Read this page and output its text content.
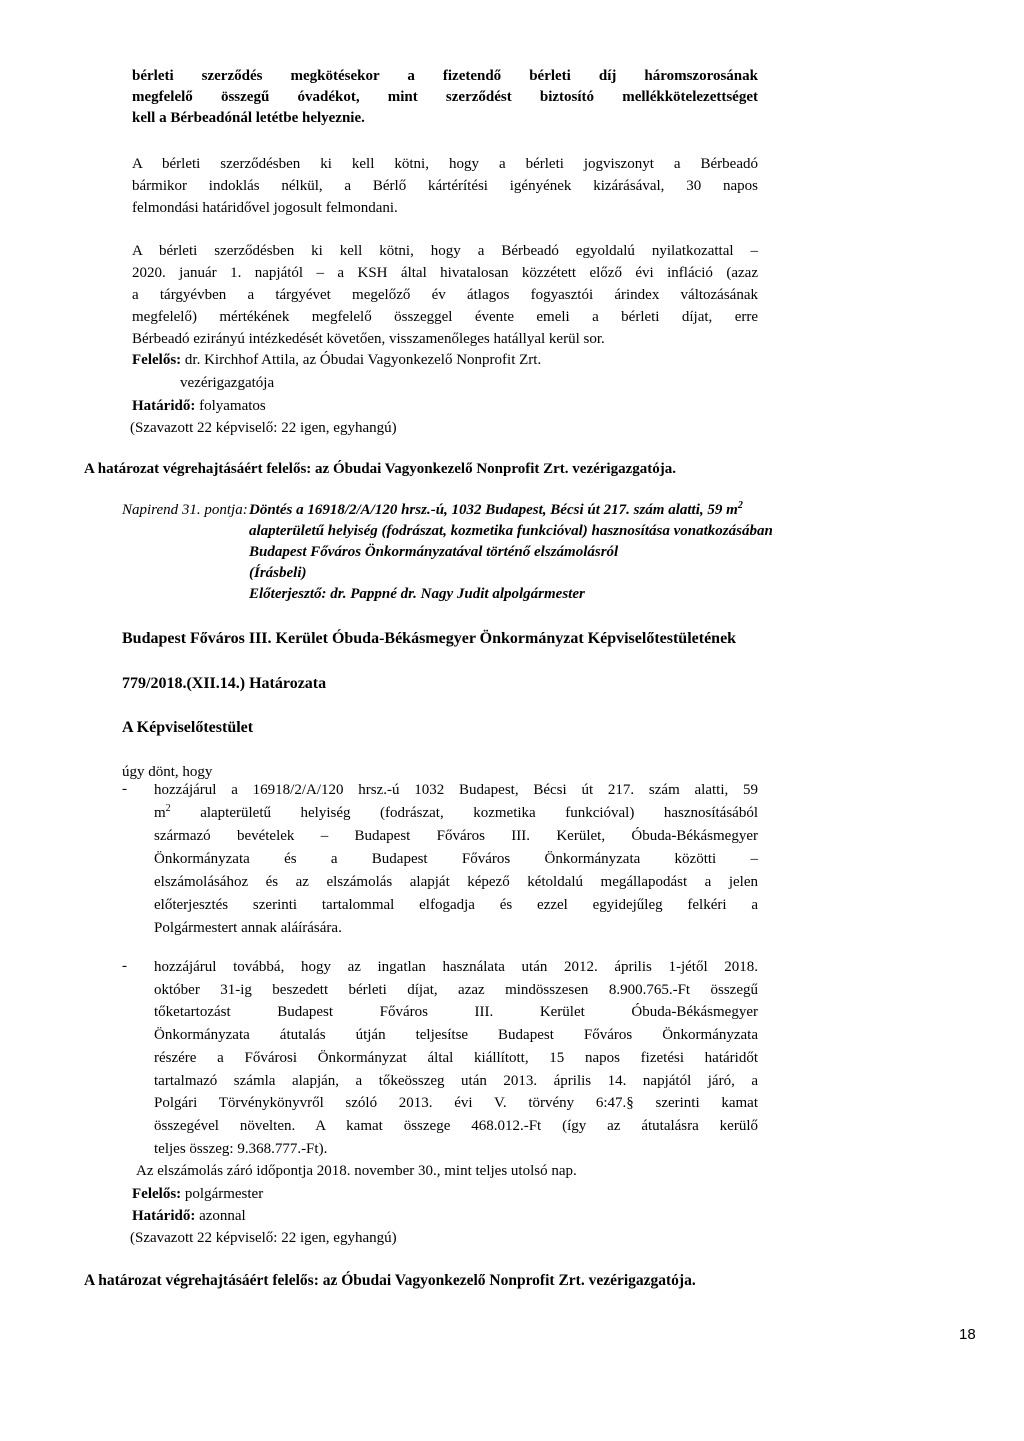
bérleti szerződés megkötésekor a fizetendő bérleti díj háromszorosának
megfelelő összegű óvadékot, mint szerződést biztosító mellékkötelezettséget
kell a Bérbeadónál letétbe helyeznie.
A bérleti szerződésben ki kell kötni, hogy a bérleti jogviszonyt a Bérbeadó
bármikor indoklás nélkül, a Bérlő kártérítési igényének kizárásával, 30 napos
felmondási határidővel jogosult felmondani.
A bérleti szerződésben ki kell kötni, hogy a Bérbeadó egyoldalú nyilatkozattal –
2020. január 1. napjától – a KSH által hivatalosan közzétett előző évi infláció (azaz
a tárgyévben a tárgyévet megelőző év átlagos fogyasztói árindex változásának
megfelelő) mértékének megfelelő összeggel évente emeli a bérleti díjat, erre
Bérbeadó ezirányú intézkedését követően, visszamenőleges hatállyal kerül sor.
Felelős: dr. Kirchhof Attila, az Óbudai Vagyonkezelő Nonprofit Zrt.
vezérigazgatója
Határidő: folyamatos
(Szavazott 22 képviselő: 22 igen, egyhangú)
A határozat végrehajtásáért felelős: az Óbudai Vagyonkezelő Nonprofit Zrt. vezérigazgatója.
Napirend 31. pontja: Döntés a 16918/2/A/120 hrsz.-ú, 1032 Budapest, Bécsi út 217. szám alatti, 59 $m^2$
alapterületű helyiség (fodrászat, kozmetika funkcióval) hasznosítása vonatkozásában
Budapest Főváros Önkormányzatával történő elszámolásról
(Írásbeli)
Előterjesztő: dr. Pappné dr. Nagy Judit alpolgármester
Budapest Főváros III. Kerület Óbuda-Békásmegyer Önkormányzat Képviselőtestületének
779/2018.(XII.14.) Határozata
A Képviselőtestület
úgy dönt, hogy
- hozzájárul a 16918/2/A/120 hrsz.-ú 1032 Budapest, Bécsi út 217. szám alatti, 59
$m^2$ alapterületű helyiség (fodrászat, kozmetika funkcióval) hasznosításából
származó bevételek – Budapest Főváros III. Kerület, Óbuda-Békásmegyer
Önkormányzata és a Budapest Főváros Önkormányzata közötti –
elszámolásához és az elszámolás alapját képező kétoldalú megállapodást a jelen
előterjesztés szerinti tartalommal elfogadja és ezzel egyidejűleg felkéri a
Polgármestert annak aláírására.
- hozzájárul továbbá, hogy az ingatlan használata után 2012. április 1-jétől 2018.
október 31-ig beszedett bérleti díjat, azaz mindösszesen 8.900.765.-Ft összegű
tőketartozást Budapest Főváros III. Kerület Óbuda-Békásmegyer
Önkormányzata átutalás útján teljesítse Budapest Főváros Önkormányzata
részére a Fővárosi Önkormányzat által kiállított, 15 napos fizetési határidőt
tartalmazó számla alapján, a tőkeösszeg után 2013. április 14. napjától járó, a
Polgári Törvénykönyvről szóló 2013. évi V. törvény 6:47.§ szerinti kamat
összegével növelten. A kamat összege 468.012.-Ft (így az átutalásra kerülő
teljes összeg: 9.368.777.-Ft).
Az elszámolás záró időpontja 2018. november 30., mint teljes utolsó nap.
Felelős: polgármester
Határidő: azonnal
(Szavazott 22 képviselő: 22 igen, egyhangú)
A határozat végrehajtásáért felelős: az Óbudai Vagyonkezelő Nonprofit Zrt. vezérigazgatója.
18
